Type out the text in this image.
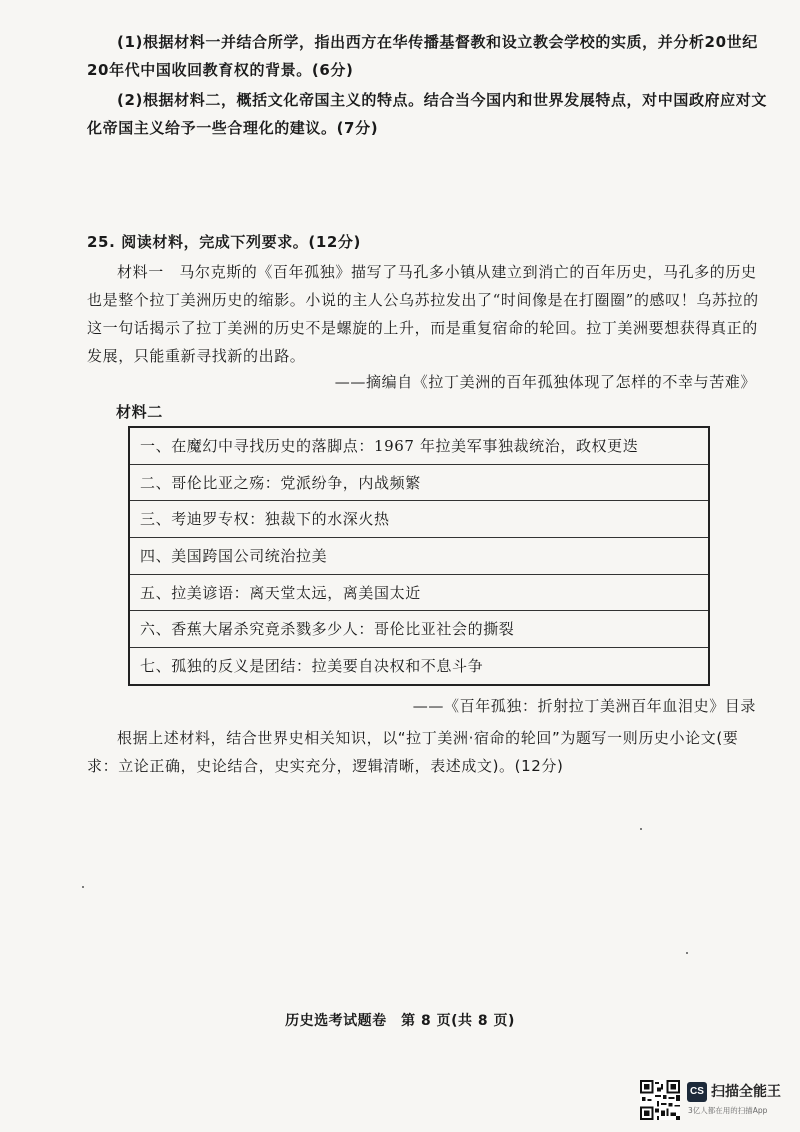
(1)根据材料一并结合所学，指出西方在华传播基督教和设立教会学校的实质，并分析20世纪20年代中国收回教育权的背景。(6分)
(2)根据材料二，概括文化帝国主义的特点。结合当今国内和世界发展特点，对中国政府应对文化帝国主义给予一些合理化的建议。(7分)
25. 阅读材料，完成下列要求。(12分)
材料一　马尔克斯的《百年孤独》描写了马孔多小镇从建立到消亡的百年历史，马孔多的历史也是整个拉丁美洲历史的缩影。小说的主人公乌苏拉发出了“时间像是在打圈圈”的感叹！乌苏拉的这一句话揭示了拉丁美洲的历史不是螺旋的上升，而是重复宿命的轮回。拉丁美洲要想获得真正的发展，只能重新寻找新的出路。
——摘编自《拉丁美洲的百年孤独体现了怎样的不幸与苦难》
材料二
一、在魔幻中寻找历史的落脚点：1967 年拉美军事独裁统治，政权更迭
二、哥伦比亚之殇：党派纷争，内战频繁
三、考迪罗专权：独裁下的水深火热
四、美国跨国公司统治拉美
五、拉美谚语：离天堂太远，离美国太近
六、香蕉大屠杀究竟杀戮多少人：哥伦比亚社会的撕裂
七、孤独的反义是团结：拉美要自决权和不息斗争
——《百年孤独：折射拉丁美洲百年血泪史》目录
根据上述材料，结合世界史相关知识，以“拉丁美洲·宿命的轮回”为题写一则历史小论文(要求：立论正确，史论结合，史实充分，逻辑清晰，表述成文)。(12分)
历史选考试题卷　第 8 页(共 8 页)
CS 扫描全能王
3亿人都在用的扫描App
